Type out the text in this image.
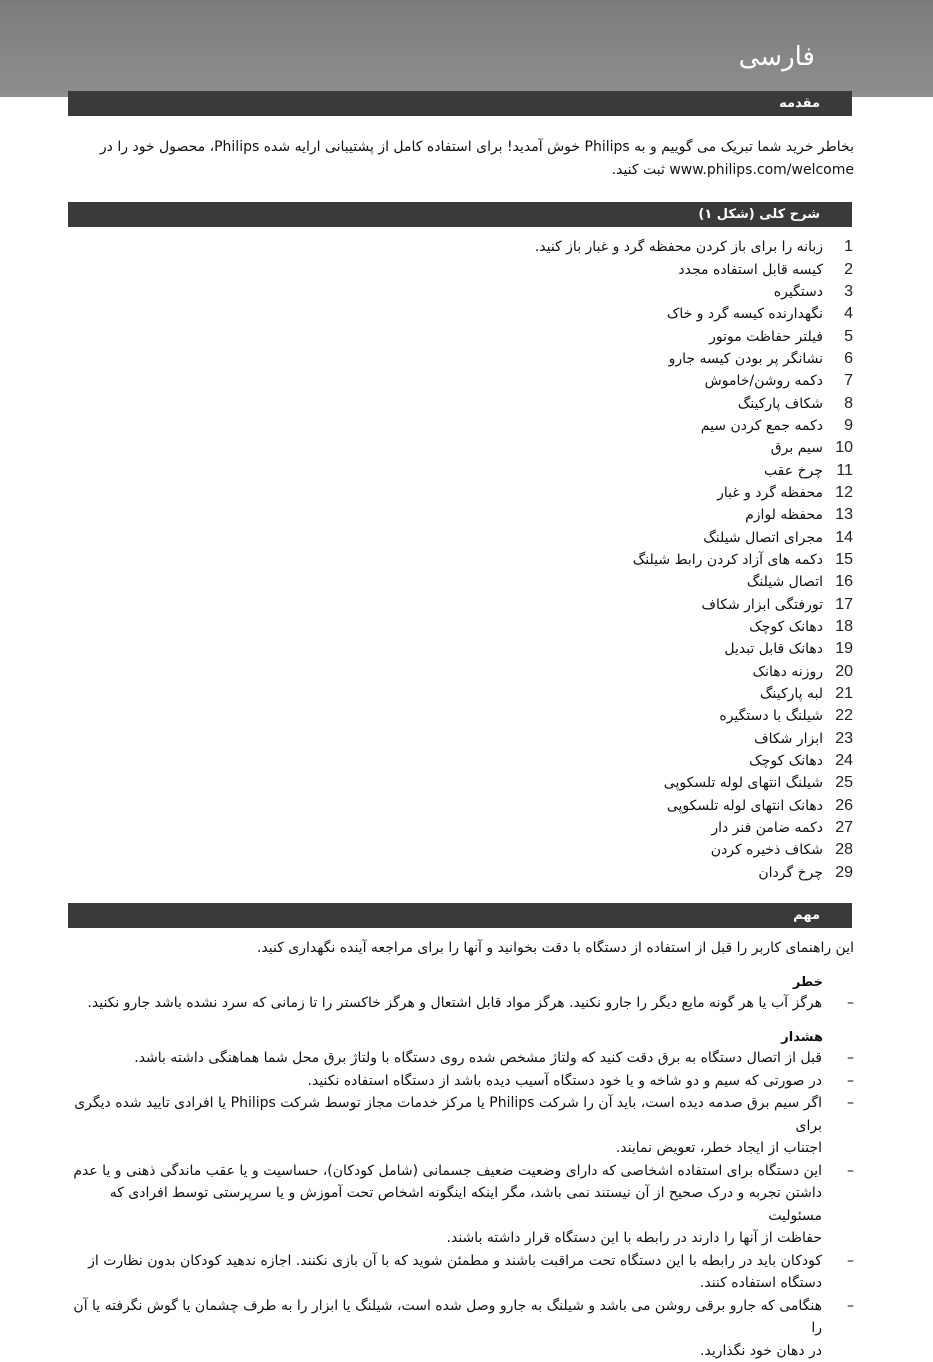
فارسی
مقدمه
بخاطر خرید شما تبریک می گوییم و به Philips خوش آمدید! برای استفاده کامل از پشتیبانی ارایه شده Philips، محصول خود را در
www.philips.com/welcome ثبت کنید.
شرح کلی (شکل ۱)
1
زبانه را برای باز کردن محفظه گرد و غبار باز کنید.
2
کیسه قابل استفاده مجدد
3
دستگیره
4
نگهدارنده کیسه گرد و خاک
5
فیلتر حفاظت موتور
6
نشانگر پر بودن کیسه جارو
7
دکمه روشن/خاموش
8
شکاف پارکینگ
9
دکمه جمع کردن سیم
10
سیم برق
11
چرخ عقب
12
محفظه گرد و غبار
13
محفظه لوازم
14
مجرای اتصال شیلنگ
15
دکمه های آزاد کردن رابط شیلنگ
16
اتصال شیلنگ
17
تورفتگی ابزار شکاف
18
دهانک کوچک
19
دهانک قابل تبدیل
20
روزنه دهانک
21
لبه پارکینگ
22
شیلنگ با دستگیره
23
ابزار شکاف
24
دهانک کوچک
25
شیلنگ انتهای لوله تلسکوپی
26
دهانک انتهای لوله تلسکوپی
27
دکمه ضامن فنر دار
28
شکاف ذخیره کردن
29
چرخ گردان
مهم
این راهنمای کاربر را قبل از استفاده از دستگاه با دقت بخوانید و آنها را برای مراجعه آینده نگهداری کنید.
خطر
–
هرگز آب یا هر گونه مایع دیگر را جارو نکنید. هرگز مواد قابل اشتعال و هرگز خاکستر را تا زمانی که سرد نشده باشد جارو نکنید.
هشدار
–
قبل از اتصال دستگاه به برق دقت کنید که ولتاژ مشخص شده روی دستگاه با ولتاژ برق محل شما هماهنگی داشته باشد.
–
در صورتی که سیم و دو شاخه و یا خود دستگاه آسیب دیده باشد از دستگاه استفاده نکنید.
–
اگر سیم برق صدمه دیده است، باید آن را شرکت Philips یا مرکز خدمات مجاز توسط شرکت Philips یا افرادی تایید شده دیگری برای
اجتناب از ایجاد خطر، تعویض نمایند.
–
این دستگاه برای استفاده اشخاصی که دارای وضعیت ضعیف جسمانی (شامل کودکان)، حساسیت و یا عقب ماندگی ذهنی و یا عدم
داشتن تجربه و درک صحیح از آن نیستند نمی باشد، مگر اینکه اینگونه اشخاص تحت آموزش و یا سرپرستی توسط افرادی که مسئولیت
حفاظت از آنها را دارند در رابطه با این دستگاه قرار داشته باشند.
–
کودکان باید در رابطه با این دستگاه تحت مراقبت باشند و مطمئن شوید که با آن بازی نکنند. اجازه ندهید کودکان بدون نظارت از
دستگاه استفاده کنند.
–
هنگامی که جارو برقی روشن می باشد و شیلنگ به جارو وصل شده است، شیلنگ یا ابزار را به طرف چشمان یا گوش نگرفته یا آن را
در دهان خود نگذارید.
